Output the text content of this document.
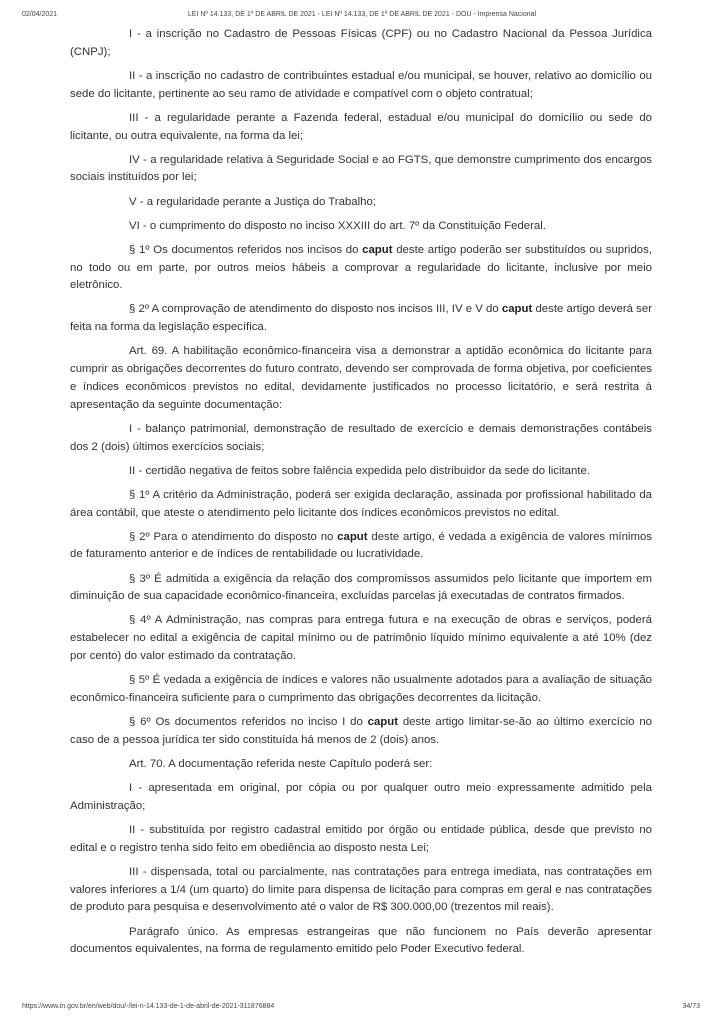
02/04/2021	LEI Nº 14.133, DE 1º DE ABRIL DE 2021 - LEI Nº 14.133, DE 1º DE ABRIL DE 2021 - DOU - Imprensa Nacional

I - a inscrição no Cadastro de Pessoas Físicas (CPF) ou no Cadastro Nacional da Pessoa Jurídica (CNPJ);

II - a inscrição no cadastro de contribuintes estadual e/ou municipal, se houver, relativo ao domicílio ou sede do licitante, pertinente ao seu ramo de atividade e compatível com o objeto contratual;

III - a regularidade perante a Fazenda federal, estadual e/ou municipal do domicílio ou sede do licitante, ou outra equivalente, na forma da lei;

IV - a regularidade relativa à Seguridade Social e ao FGTS, que demonstre cumprimento dos encargos sociais instituídos por lei;

V - a regularidade perante a Justiça do Trabalho;

VI - o cumprimento do disposto no inciso XXXIII do art. 7º da Constituição Federal.

§ 1º Os documentos referidos nos incisos do caput deste artigo poderão ser substituídos ou supridos, no todo ou em parte, por outros meios hábeis a comprovar a regularidade do licitante, inclusive por meio eletrônico.

§ 2º A comprovação de atendimento do disposto nos incisos III, IV e V do caput deste artigo deverá ser feita na forma da legislação específica.

Art. 69. A habilitação econômico-financeira visa a demonstrar a aptidão econômica do licitante para cumprir as obrigações decorrentes do futuro contrato, devendo ser comprovada de forma objetiva, por coeficientes e índices econômicos previstos no edital, devidamente justificados no processo licitatório, e será restrita à apresentação da seguinte documentação:

I - balanço patrimonial, demonstração de resultado de exercício e demais demonstrações contábeis dos 2 (dois) últimos exercícios sociais;

II - certidão negativa de feitos sobre falência expedida pelo distribuidor da sede do licitante.

§ 1º A critério da Administração, poderá ser exigida declaração, assinada por profissional habilitado da área contábil, que ateste o atendimento pelo licitante dos índices econômicos previstos no edital.

§ 2º Para o atendimento do disposto no caput deste artigo, é vedada a exigência de valores mínimos de faturamento anterior e de índices de rentabilidade ou lucratividade.

§ 3º É admitida a exigência da relação dos compromissos assumidos pelo licitante que importem em diminuição de sua capacidade econômico-financeira, excluídas parcelas já executadas de contratos firmados.

§ 4º A Administração, nas compras para entrega futura e na execução de obras e serviços, poderá estabelecer no edital a exigência de capital mínimo ou de patrimônio líquido mínimo equivalente a até 10% (dez por cento) do valor estimado da contratação.

§ 5º É vedada a exigência de índices e valores não usualmente adotados para a avaliação de situação econômico-financeira suficiente para o cumprimento das obrigações decorrentes da licitação.

§ 6º Os documentos referidos no inciso I do caput deste artigo limitar-se-ão ao último exercício no caso de a pessoa jurídica ter sido constituída há menos de 2 (dois) anos.

Art. 70. A documentação referida neste Capítulo poderá ser:

I - apresentada em original, por cópia ou por qualquer outro meio expressamente admitido pela Administração;

II - substituída por registro cadastral emitido por órgão ou entidade pública, desde que previsto no edital e o registro tenha sido feito em obediência ao disposto nesta Lei;

III - dispensada, total ou parcialmente, nas contratações para entrega imediata, nas contratações em valores inferiores a 1/4 (um quarto) do limite para dispensa de licitação para compras em geral e nas contratações de produto para pesquisa e desenvolvimento até o valor de R$ 300.000,00 (trezentos mil reais).

Parágrafo único. As empresas estrangeiras que não funcionem no País deverão apresentar documentos equivalentes, na forma de regulamento emitido pelo Poder Executivo federal.

https://www.in.gov.br/en/web/dou/-/lei-n-14.133-de-1-de-abril-de-2021-311876884	34/73
